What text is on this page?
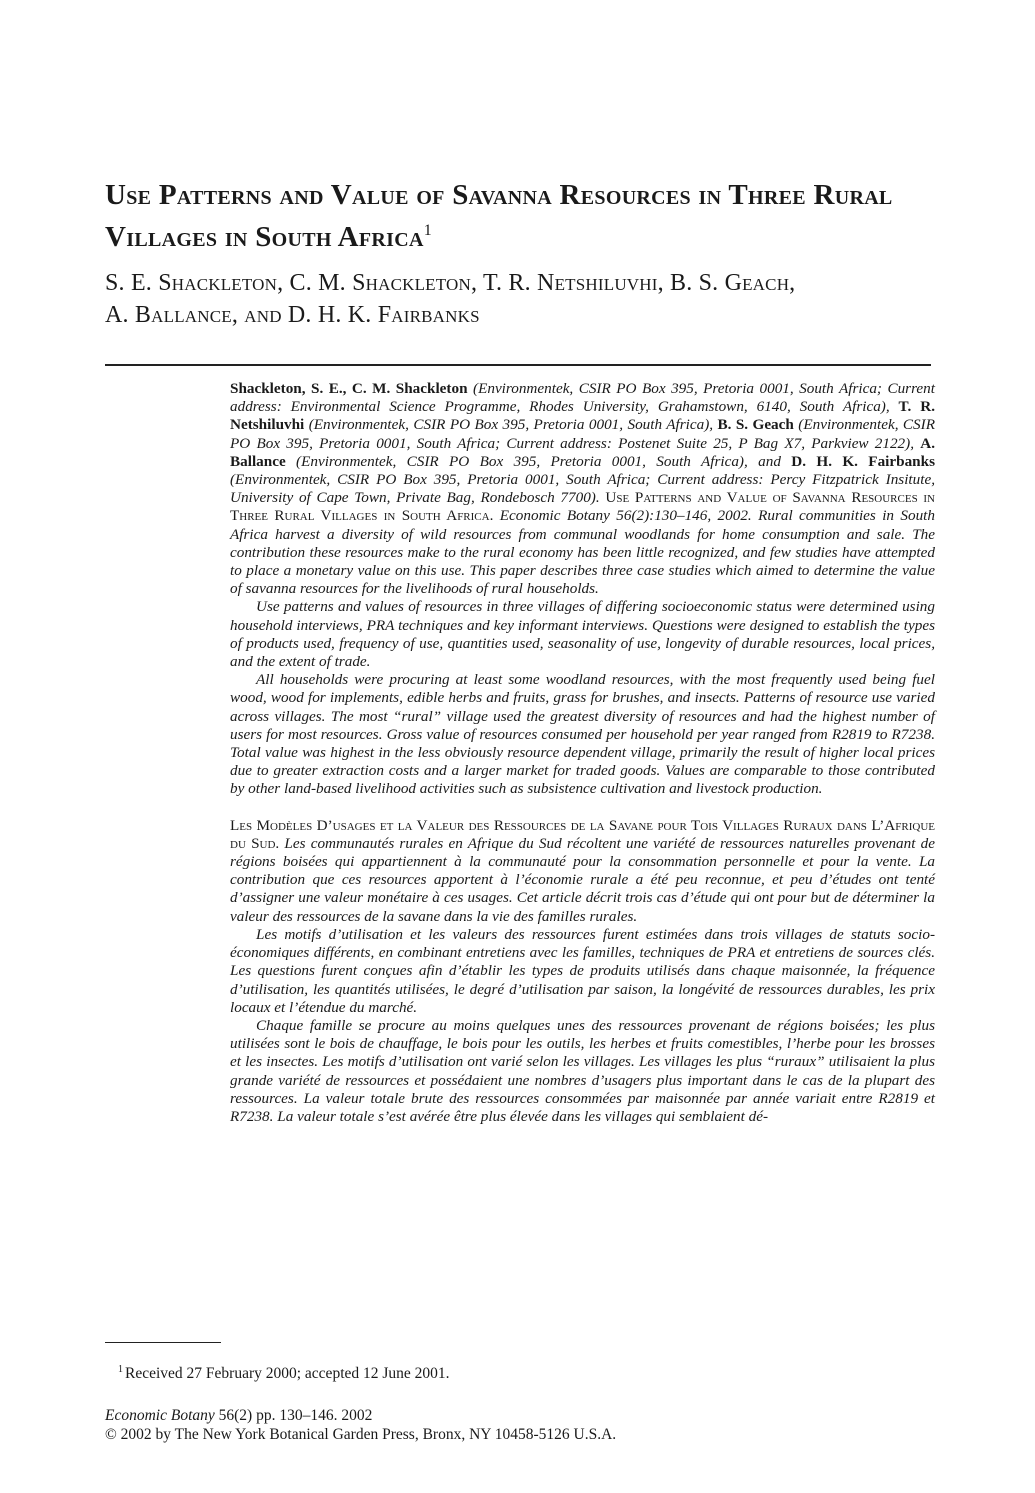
Use Patterns and Value of Savanna Resources in Three Rural Villages in South Africa$^1$
S. E. Shackleton, C. M. Shackleton, T. R. Netshiluvhi, B. S. Geach,
A. Ballance, and D. H. K. Fairbanks

Shackleton, S. E., C. M. Shackleton (Environmentek, CSIR PO Box 395, Pretoria 0001, South Africa; Current address: Environmental Science Programme, Rhodes University, Grahamstown, 6140, South Africa), T. R. Netshiluvhi (Environmentek, CSIR PO Box 395, Pretoria 0001, South Africa), B. S. Geach (Environmentek, CSIR PO Box 395, Pretoria 0001, South Africa; Current address: Postenet Suite 25, P Bag X7, Parkview 2122), A. Ballance (Environmentek, CSIR PO Box 395, Pretoria 0001, South Africa), and D. H. K. Fairbanks (Environmentek, CSIR PO Box 395, Pretoria 0001, South Africa; Current address: Percy Fitzpatrick Insitute, University of Cape Town, Private Bag, Rondebosch 7700). Use Patterns and Value of Savanna Resources in Three Rural Villages in South Africa. Economic Botany 56(2):130–146, 2002. Rural communities in South Africa harvest a diversity of wild resources from communal woodlands for home consumption and sale. The contribution these resources make to the rural economy has been little recognized, and few studies have attempted to place a monetary value on this use. This paper describes three case studies which aimed to determine the value of savanna resources for the livelihoods of rural households.

Use patterns and values of resources in three villages of differing socioeconomic status were determined using household interviews, PRA techniques and key informant interviews. Questions were designed to establish the types of products used, frequency of use, quantities used, seasonality of use, longevity of durable resources, local prices, and the extent of trade.

All households were procuring at least some woodland resources, with the most frequently used being fuel wood, wood for implements, edible herbs and fruits, grass for brushes, and insects. Patterns of resource use varied across villages. The most “rural” village used the greatest diversity of resources and had the highest number of users for most resources. Gross value of resources consumed per household per year ranged from R2819 to R7238. Total value was highest in the less obviously resource dependent village, primarily the result of higher local prices due to greater extraction costs and a larger market for traded goods. Values are comparable to those contributed by other land-based livelihood activities such as subsistence cultivation and livestock production.

Les Modèles D’usages et la Valeur des Ressources de la Savane pour Tois Villages Ruraux dans L’Afrique du Sud. Les communautés rurales en Afrique du Sud récoltent une variété de ressources naturelles provenant de régions boisées qui appartiennent à la communauté pour la consommation personnelle et pour la vente. La contribution que ces resources apportent à l’économie rurale a été peu reconnue, et peu d’études ont tenté d’assigner une valeur monétaire à ces usages. Cet article décrit trois cas d’étude qui ont pour but de déterminer la valeur des ressources de la savane dans la vie des familles rurales.

Les motifs d’utilisation et les valeurs des ressources furent estimées dans trois villages de statuts socio-économiques différents, en combinant entretiens avec les familles, techniques de PRA et entretiens de sources clés. Les questions furent conçues afin d’établir les types de produits utilisés dans chaque maisonnée, la fréquence d’utilisation, les quantités utilisées, le degré d’utilisation par saison, la longévité de ressources durables, les prix locaux et l’étendue du marché.

Chaque famille se procure au moins quelques unes des ressources provenant de régions boisées; les plus utilisées sont le bois de chauffage, le bois pour les outils, les herbes et fruits comestibles, l’herbe pour les brosses et les insectes. Les motifs d’utilisation ont varié selon les villages. Les villages les plus “ruraux” utilisaient la plus grande variété de ressources et possédaient une nombres d’usagers plus important dans le cas de la plupart des ressources. La valeur totale brute des ressources consommées par maisonnée par année variait entre R2819 et R7238. La valeur totale s’est avérée être plus élevée dans les villages qui semblaient dé-

$^1$ Received 27 February 2000; accepted 12 June 2001.
Economic Botany 56(2) pp. 130–146. 2002
© 2002 by The New York Botanical Garden Press, Bronx, NY 10458-5126 U.S.A.
